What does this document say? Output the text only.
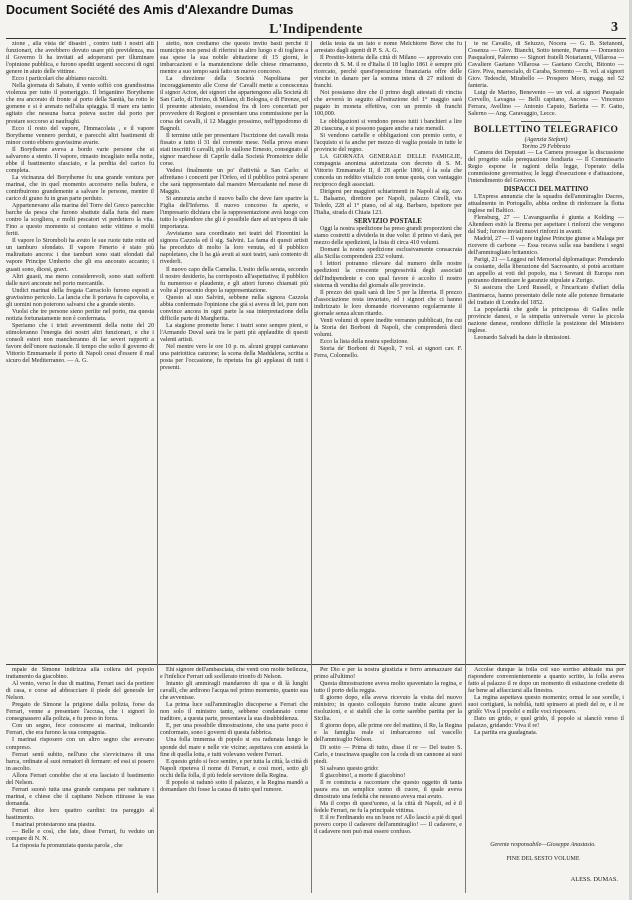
Document Société des Amis d'Alexandre Dumas
L'Indipendente	3

zione , alla vista de' disastri , contro tutti i nostri alti funzionari, che avrebbero dovuto usare più previdenza, ma il Governo li ha invitati ad adoperarsi per illuminare l'opinione pubblica, e furono spediti urgenti soccorsi di ogni genere in aiuto delle vittime.

Ecco i particolari che abbiamo raccolti.

Nella giornata di Sabato, il vento soffiò con grandissima violenza per tutto il pomeriggio. Il brigantino Borytheme che era ancorato di fronte al porto della Sanità, ha rotto le gomene e si è arenato nell'alta spiaggia. Il mare era tanto agitato che nessuna barca poteva uscire dal porto per prestare soccorso ai naufraghi.

Ecco il resto del vapore, l'Immacolata , e il vapore Borytheme vennero perduti, e parecchi altri bastimenti di minor conto ebbero gravissime avarie.

Il Borytheme aveva a bordo varie persone che si salvarono a stento. Il vapore, rimasto incagliato nella notte, ebbe il bastimento sfasciato, e la perdita del carico fu completa.

La vicinanza del Borytheme fu una grande ventura per marinai, che in quel momento accorsero nella bufera, e contribuirono grandemente a salvare le persone, mentre il carico di grano fu in gran parte perduto.

Appartenevano alla marina del Torre del Greco parecchie barche da pesca che furono sbattute dalla furia del mare contro la scogliera, e molti pescatori vi perdettero la vita. Fino a questo momento si contano sette vittime e molti feriti.

Il vapore lo Stromboli ha avuto le sue ruote tutte rotte ed un tamburo sfondato. Il vapore Fenerio è stato più maltrattato ancora: i due tamburi sono stati sfondati dal vapore Principe Umberto che gli era ancorato accanto; i guasti sono, dicesi, gravi.

Altri guasti, ma meno considerevoli, sono stati sofferti dalle navi ancorate nel porto mercantile.

Undici marinai della fregata Carraciolo furono esposti a gravissimo pericolo. La lancia che li portava fu capovolta, e gli uomini non poterono salvarsi che a grande stento.

Vuolsi che tre persone sieno periite nel porto, ma questa notizia fortunatamente non è confermata.

Speriamo che i tristi avvenimenti della notte del 20 stimoleranno l'energia dei nostri altri funzionari, e che i consoli esteri non mancheranno di far severi rapporti a favore dell'onore nazionale. Il tempo che solto il governo di Vittorio Emmanuele il porto di Napoli cessi d'essere il mal sicuro del Mediterraneo. — A. G.

aietto, non crediamo che questo invito basti perchè il municipio non pensi di riferirsi in altro luogo e di togliere a sua spese la sua nobile abitazione di 15 giorni, le imbarcazioni e la manutenzione delle chiese rimarranno, mentre a suo tempo sarà fatto un nuovo concorso.

La direzione della Società Napolitana per incoraggiamento alle Corse de' Cavalli mette a conoscenza il signor Acton, dei signori che appartengono alla Società di San Carlo, di Torino, di Milano, di Bologna, e di Firenze, ed il presente attestato, essendosi fra di loro concertati per provvedere di Regioni e presentare una commissione per la corsa dei cavalli, il 12 Maggio prossimo, nell'ippodromo di Bagnoli.

Il termine utile per presentare l'iscrizione dei cavalli resta fissato a tutto il 31 del corrente mese. Nella prova erano stati inscritti 6 cavalli, più lo stallone Ernesto, consegnato al signor marchese di Caprile dalla Società Promotrice delle corse.

Vedesi finalmente un po' d'attività a San Carlo: si affrettano i concerti per l'Orfeo, ed il pubblico potrà sperare che sarà rappresentato dal maestro Mercadante nel mese di Maggio.

Si annunzia anche il nuovo ballo che deve fare sparire la Figlia dell'Inferno. Il nuovo concorso fu aperto, e l'impresario dichiara che la rappresentazione avrà luogo con tutto lo splendore che gli è possibile dare ad un'opera di tale importanza.

Avvisiamo sara coordinato nei teatri del Fiorentini la signora Cazzola ed il sig. Salvini. La fama di questi artisti ha preceduto di molto la loro venuta, ed il pubblico napoletano, che li ha già avuti ai suoi teatri, sarà contento di rivederli.

Il nuovo capo della Camelia. L'esito della serata, secondo il nostro desiderio, ha corrisposto all'aspettativa; il pubblico fu numeroso e plaudente, e gli attori furono chiamati più volte al proscenio dopo la rappresentazione.

Questo al suo Salvini, sebbene nella signora Cazzola abbia confermato l'opinione che già si aveva di lei, pure non convince ancora in ogni parte la sua interpretazione della difficile parte di Margherita.

La stagione promette bene: i teatri sono sempre pieni, e l'Armando Duval sarà tra le parti più applaudite di questi valenti artisti.

Nel mentre vero le ore 10 p. m. alcuni gruppi cantavano una patriottica canzone; la scena della Maddalena, scritta a posta per l'occasione, fu ripetuta fra gli applausi di tutti i presenti.

della testa da un lato e nome Melchiorre Bove che fu arrestato dagli agenti di P. S. A. G.

Il Prestito-lotteria della città di Milano — approvato con decreto di S. M. il re d'Italia il 18 luglio 1861 è sempre più ricercato, perchè quest'operazione finanziaria offre delle vincite in danaro per la somma intera di 27 milioni di franchi.

Noi possiamo dire che il primo degli attestati di vincita che avverrà in seguito all'estrazione del 1° maggio sarà pagato in moneta effettiva, con un premio di franchi 100,000.

Le obbligazioni si vendono presso tutti i banchieri a lire 20 ciascuna, e si possono pagare anche a rate mensili.

Si vendono cartelle e obbligazioni con premio certo, e l'acquisto si fa anche per mezzo di vaglia postale in tutte le provincie del regno.

LA GIORNATA GENERALE DELLE FAMIGLIE, compagnia anonima autorizzata con decreto di S. M. Vittorio Emmanuele II, il 28 aprile 1860, è la sola che conceda un reddito vitalizio con tenue quota, con vantaggio reciproco degli associati.

Dirigersi per maggiori schiarimenti in Napoli al sig. cav. L. Balsamo, direttore per Napoli, palazzo Cirelli, via Toledo, 228 al 1° piano, od al sig. Barbaro, ispettore per l'Italia, strada di Chiaia 123.

SERVIZIO POSTALE

Oggi la nostra spedizione ha preso grandi proporzioni che siamo costretti a dividerla in due volte: il primo vi darà, per mezzo delle spedizioni, la lista di circa 410 volumi.

Domani la nostra spedizione esclusivamente consacrata alla Sicilia comprenderà 232 volumi.

I lettori potranno rilevare dal numero delle nostre spedizioni la crescente progressività degli associati dell'Indipendente e con qual favore è accolto il nostro sistema di vendita del giornale alle provincie.

Il prezzo dei quali sarà di lire 5 per la libreria. Il prezzo d'associazione resta invariato, ed i signori che ci hanno indirizzato le loro domande riceveranno regolarmente il giornale senza alcun ritardo.

Venti volumi di opere inedite verranno pubblicati, fra cui la Storia dei Borboni di Napoli, che comprenderà dieci volumi.

Ecco la lista della nostra spedizione.

Storia de' Borboni di Napoli, 7 vol. ai signori cav. F. Ferra, Colonnello.

te ne Cavallo, di Seluzzo, Nocera — G. B. Stefanoni, Cosenza — Giov. Bianchi, Sotto tenente, Parma — Domenico Pasqualoni, Palermo — Signori fratelli Notarianni, Villarosa — Cavaliere Gaetano Villarosa — Gaetano Cecchi, Bitonto — Giov. Piva, marescialo, di Caraba, Sorrento — B. vol. ai signori Giov. Tedeschi, Mirabello — Prospero Moro, magg. nel 52 fanteria.

Luigi de Marino, Benevento — un vol. ai signori Pasquale Cervello, Lavagna — Belli capitano, Ancona — Vincenzo Ferrara, Avellino — Antonio Caputo, Barletta — F. Gatto, Salerno — Ang. Caravaggio, Lecce.

BOLLETTINO TELEGRAFICO

(Agenzia Stefani)

Torino 29 Febbraio

Camera dei Deputati — La Camera prosegue la discussione del progetto sulla perequazione fondiaria — Il Commissario Regio espone le ragioni della legge, l'operato della commissione governativa; le leggi d'esecuzione e d'attuazione, l'intendimento del Governo.

DISPACCI DEL MATTINO

L'Express annunzia che la squadra dell'ammiraglio Dacres, attualmente in Portogallo, abbia ordine di rinforzare la flotta inglese nel Baltico.

Flensburg, 27 — L'avanguardia è giunta a Kolding — Altendeen esitò la Brema per aspettare i rinforzi che vengono dal Sud; furono inviati nuovi rinforzi in avanti.

Madrid, 27 — Il vapore inglese Principe giunse a Malaga per ricevere di carbone — Essa recava sulla sua bandiera i segni dell'ammiragliato britannico.

Parigi, 21 — Leggesi nel Memorial diplomatique: Prendendo la costante, della liberazione del Sacrosanto, si potrà accettare un appello ai voti del popolo, ma i Sovrani di Europa non potranno dimenticare le garanzie stipulate a Zurigo.

Si assicura che Lord Russell, e l'incaricato d'affari della Danimarca, hanno presentato delle note alle potenze firmatarie del trattato di Londra del 1852.

La popolarità che gode la principessa di Galles nelle provincie danesi, e la simpatia universale verso la piccola nazione danese, rendono difficile la posizione del Ministero inglese.

Leonardo Salvadi ha dato le dimissioni.

mpale de Simone indirizza alla collera del popolo trattamento da giacobino.

Al vento, verso le due di mattina, Ferrari uscì da portiere di casa, e corse ad abbracciare il piede del generale ler Nelson.

Pregato de Simone la prigione dalla polizia, forse da Ferrari, venne a presentare l'accusa, che i signori lo consegnassero alla polizia, e fu preso in forza.

Con un segno, fece conoscere ai marinai, indicando Ferrari, che era furono la sua compagnia.

I marinai risposero con un altro segno che avevano compreso.

Ferrari sentì subito, nell'uno che s'avvicinava di una barca, ordinate al suoi rematori di fermare: ed essi si posero in ascolto.

Allora Ferrari conobbe che si era lasciato il bastimento del Nelson.

Ferrari suonò tutta una grande campana per radunare i marinai, e chiese che il capitano Nelson ritirasse la sua domanda.

Ferrari dice loro quattro cardini: tra pareggio al bastimento.

I marinai protestarono una piastra.

— Belle e così, che fate, disse Ferrari, fu veduto un compare di N. N.

La risposta fu pronunziata questa parola , che

Ehi signore dell'ambasciata, che venti con molte bellezza, e l'infelice Ferrari udì scellerato trionfo di Nelson.

Intanto gli ammiragli mandarono di qua e di là lunghi cavalli, che ardirono l'acqua nel primo momento, quanto sua che avvenisse.

La prima luce sull'ammiraglio discoperse a Ferrari che non solo il ministro tanto, sebbene condannato come traditore, a questa parte, presentava la sua disubbidienza.

E, per una possibile dimostrazione, che una parte poco è conformato, sono i governi di questa fabbrica.

Una folla immensa di popolo si era radunata lungo le sponde del mare e nelle vie vicine; aspettava con ansietà la fine di quella lotta, e tutti volevano vedere Ferrari.

E questo grido si fece sentire, e per tutta la città, la città di Napoli ripeteva il nome di Ferrari, e così morì, sotto gli occhi della folla, il più fedele servitore della Regina.

Il popolo si radunò sotto il palazzo, e la Regina mandò a domandare chi fosse la causa di tutto quel rumore.

Per Dio e per la nostra giustizia e ferro ammazzare dal primo all'ultimo!

Questa dimostrazione aveva molto spaventato la regina, e tutto il porto della reggia.

Il giorno dopo, ella aveva ricevuto la visita del nuovo ministro; in questo colloquio furono tratte alcune gravi risoluzioni, e si stabilì che la corte sarebbe partita per la Sicilia.

Il giorno dopo, alle prime ore del mattino, il Re, la Regina e la famiglia reale si imbarcarono sul vascello dell'ammiraglio Nelson.

Di sotto — Prima di tutto, disse il re — Del teatro S. Carlo, e trascinava quaglie con la coda di un cannone ai suoi piedi.

Si salvano questo grido:

Il giacobino!, a morte il giacobino!

Il re comincia a raccontare che questo oggetto di tanta paura era un semplice uomo di cuore, il quale aveva dimostrato una fedeltà che nessuno aveva mai avuto.

Ma il corpo di quest'uomo, si la città di Napoli, ed è il fedele Ferrari, ne fu la principale vittima.

E il re Ferdinando era un buon re! Allo lasciò a piè di quel povero corpo il cadavere dell'ammiraglio! — Il cadavere, e il cadavere non può mai essere confuso.

Accolse dunque la folla col suo sorriso abituale ma per rispondere convenientemente a quanto scritto, la folla aveva fatto al palazzo il re dopo un momento di esitazione credette di far bene ad affacciarsi alla finestra.

La regina aspettava questo momento; ormai le sue sorelle, i suoi cortigiani, la nobiltà, tutti spinsero ai piedi del re, e il re gridò: Viva il popolo! e mille voci risposero.

Dato un grido, e quel grido, il popolo si slanciò verso il palazzo, gridando: Viva il re!

La partita era guadagnata.

FINE DEL SESTO VOLUME
ALESS. DUMAS.
Gerente responsabile—Gioseppe Anastasio.
